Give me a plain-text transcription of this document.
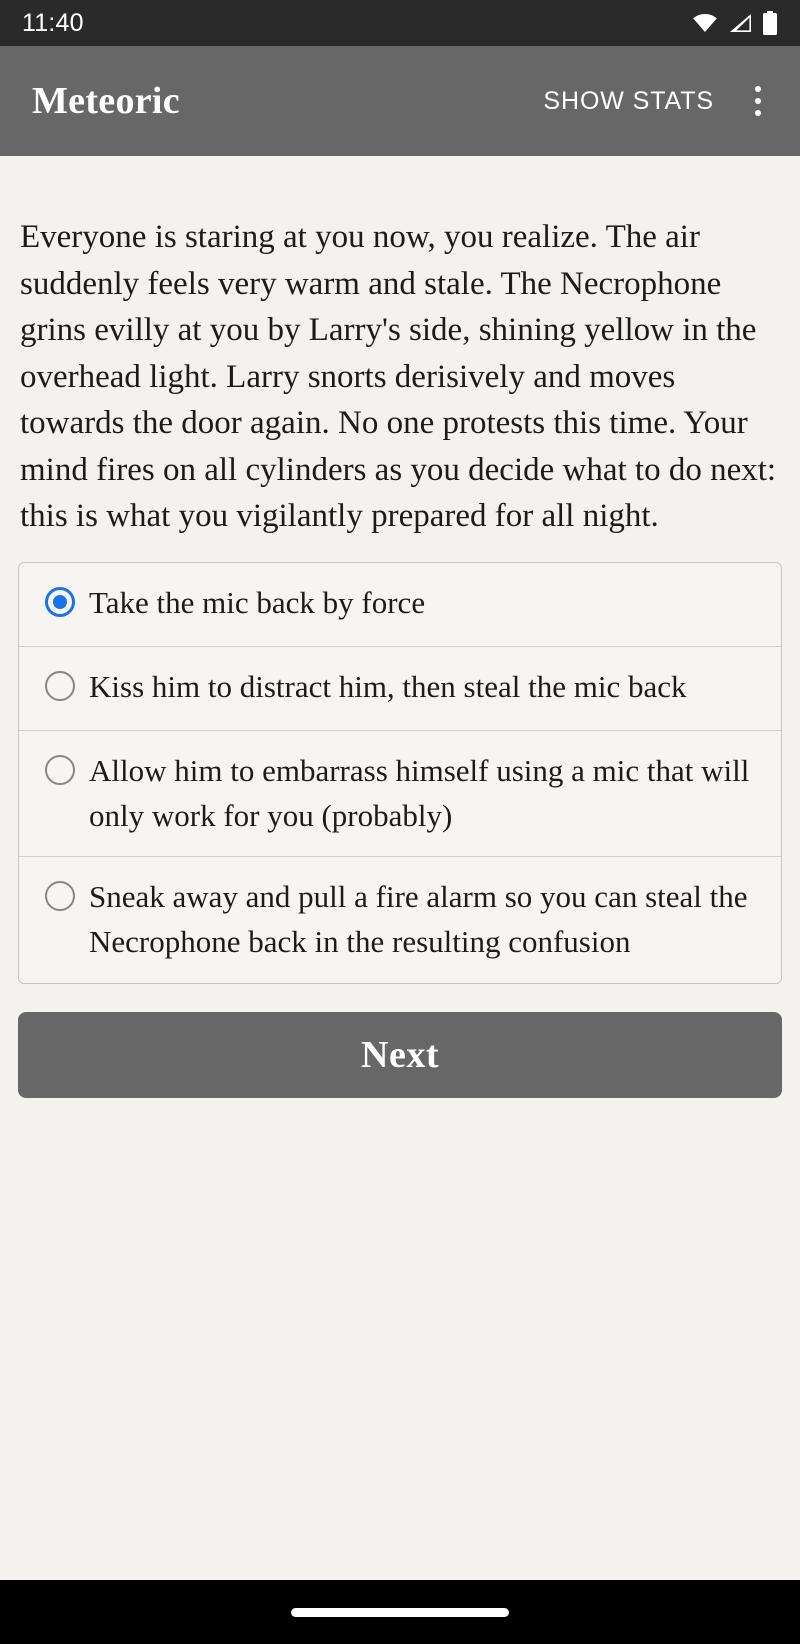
11:40
Meteoric	SHOW STATS
Everyone is staring at you now, you realize. The air suddenly feels very warm and stale. The Necrophone grins evilly at you by Larry's side, shining yellow in the overhead light. Larry snorts derisively and moves towards the door again. No one protests this time. Your mind fires on all cylinders as you decide what to do next: this is what you vigilantly prepared for all night.
Take the mic back by force
Kiss him to distract him, then steal the mic back
Allow him to embarrass himself using a mic that will only work for you (probably)
Sneak away and pull a fire alarm so you can steal the Necrophone back in the resulting confusion
Next
